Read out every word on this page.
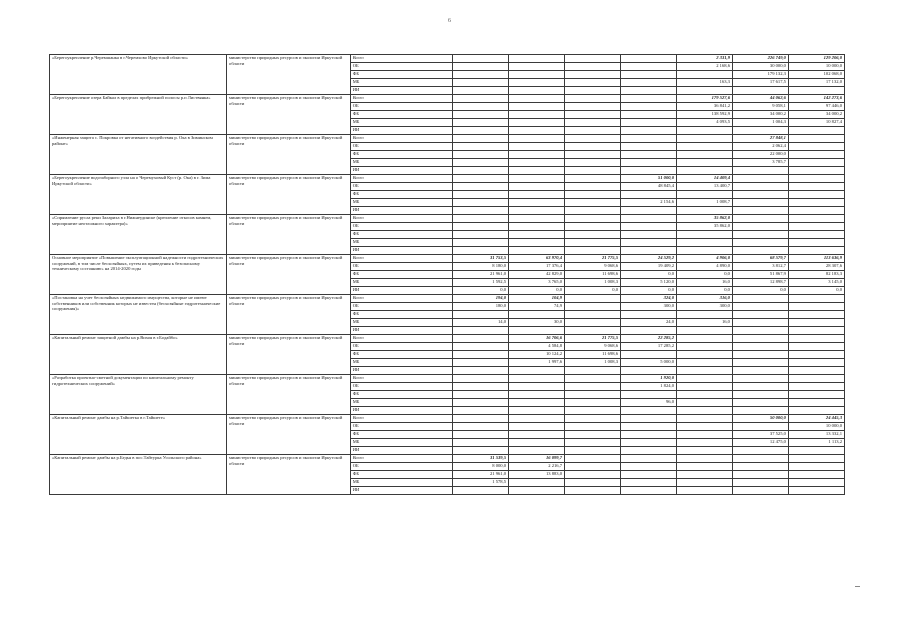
6
«Берегоукрепление р.Черемшанка в г.Черемхово Иркутской области»	министерство природных ресурсов и экологии Иркутской области	Всего					2 331,9	226 749,0	129 206,0
		ОБ					2 168,6	30 000,0	10 000,0
		ФБ						179 132,3	102 068,0
		МБ					163,3	17 617,5	17 132,0
		ИИ							
«Берегоукрепление озера Байкал в пределах прибрежной полосы р.п Листвянка»	министерство природных ресурсов и экологии Иркутской области	Всего					179 527,6	44 062,6	142 273,6
		ОБ					36 841,2	9 058,1	97 446,0
		ФБ					138 592,9	34 000,2	34 000,2
		МБ					4 093,5	1 004,3	10 827,4
		ИИ							
«Инженерная защита с. Покровка от негативного воздействия р. Ока в Зиминском районе»	министерство природных ресурсов и экологии Иркутской области	Всего						27 848,1	
		ОБ						2 062,4	
		ФБ						22 000,0	
		МБ						3 785,7	
		ИИ							
«Берегоукрепление водозаборного узла на о Черемуховый Куст (р. Ока) в г. Зима Иркутской области»	министерство природных ресурсов и экологии Иркутской области	Всего				51 000,0	14 409,4		
		ОБ				48 845,4	13 400,7		
		ФБ							
		МБ				2 154,6	1 008,7		
		ИИ							
«Спрямление русла реки Залариха в г.Нижнеудинске (крепление откосов камнем, мероприятие неотложного характера)»	министерство природных ресурсов и экологии Иркутской области	Всего					35 862,0		
		ОБ					35 862,0		
		ФБ							
		МБ							
		ИИ							
Основное мероприятие «Повышение эксплуатационной надежности гидротехнических сооружений, в том числе бесхозяйных, путем их приведения к безопасному техническому состоянию» на 2014-2020 годы	министерство природных ресурсов и экологии Иркутской области	Всего	31 753,5	63 970,4	21 775,5	24 529,2	4 906,0	68 579,7	113 636,9
		ОБ	8 180,0	17 376,4	9 068,6	19 409,2	4 890,0	3 812,7	28 307,6
		ФБ	21 961,0	42 829,0	11 698,6	0,0	0,0	51 867,9	82 183,3
		МБ	1 592,5	3 765,0	1 008,3	5 120,0	16,0	12 898,7	3 145,0
		ИИ	0,0	0,0	0,0	0,0	0,0	0,0	0,0
«Постановка на учет бесхозяйных недвижимого имущества, которые не имеют собственников или собственник которых не известен (бесхозяйные гидротехнические сооружения)»	министерство природных ресурсов и экологии Иркутской области	Всего	194,0	104,9		324,0	316,0		
		ОБ	180,0	74,9		300,0	300,0		
		ФБ							
		МБ	14,0	30,0		24,0	16,0		
		ИИ							
«Капитальный ремонт защитной дамбы на р.Вихоя в г.Бодайбо»	министерство природных ресурсов и экологии Иркутской области	Всего		16 706,6	21 775,5	22 285,2			
		ОБ		4 584,8	9 068,6	17 285,2			
		ФБ		10 124,2	11 698,6				
		МБ		1 997,6	1 008,3	5 000,0			
		ИИ							
«Разработка проектно-сметной документации по капитальному ремонту гидротехнических сооружений»	министерство природных ресурсов и экологии Иркутской области	Всего				1 920,0			
		ОБ				1 824,0			
		ФБ							
		МБ				96,0			
		ИИ							
«Капитальный ремонт дамбы на р.Тайшетка в г.Тайшете»	министерство природных ресурсов и экологии Иркутской области	Всего						50 000,0	24 445,3
		ОБ							10 000,0
		ФБ						37 525,0	13 332,1
		МБ						12 475,0	1 113,2
		ИИ							
«Капитальный ремонт дамбы на р.Бедья в пос.Тайтурка Усольского района»	министерство природных ресурсов и экологии Иркутской области	Всего	31 539,5	16 099,7					
		ОБ	8 000,0	2 216,7					
		ФБ	21 961,0	13 883,0					
		МБ	1 578,5						
		ИИ							
